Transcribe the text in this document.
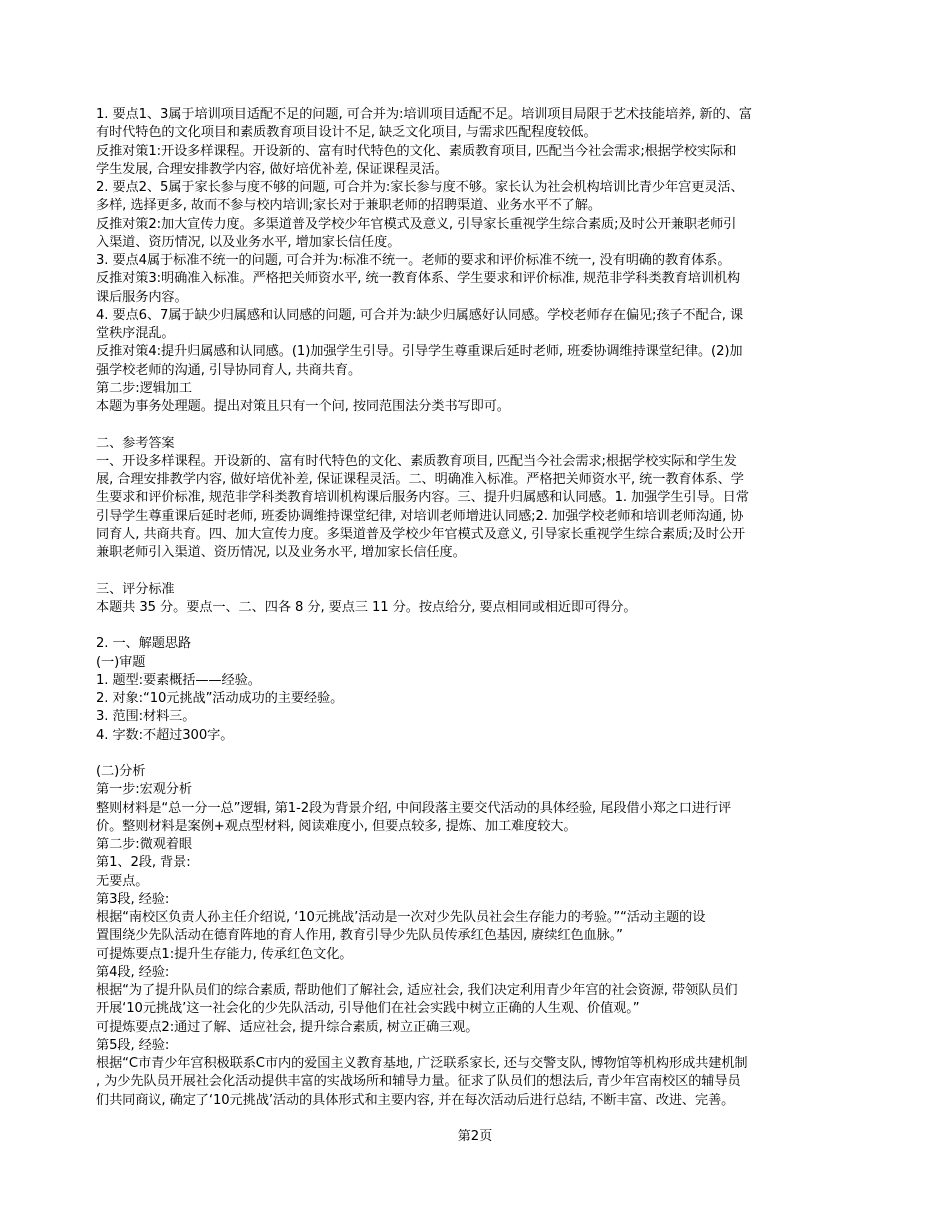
1. 要点1、3属于培训项目适配不足的问题, 可合并为:培训项目适配不足。培训项目局限于艺术技能培养, 新的、富
有时代特色的文化项目和素质教育项目设计不足, 缺乏文化项目, 与需求匹配程度较低。
反推对策1:开设多样课程。开设新的、富有时代特色的文化、素质教育项目, 匹配当今社会需求;根据学校实际和
学生发展, 合理安排教学内容, 做好培优补差, 保证课程灵活。
2. 要点2、5属于家长参与度不够的问题, 可合并为:家长参与度不够。家长认为社会机构培训比青少年宫更灵活、
多样, 选择更多, 故而不参与校内培训;家长对于兼职老师的招聘渠道、业务水平不了解。
反推对策2:加大宣传力度。多渠道普及学校少年官模式及意义, 引导家长重视学生综合素质;及时公开兼职老师引
入渠道、资历情况, 以及业务水平, 增加家长信任度。
3. 要点4属于标准不统一的问题, 可合并为:标准不统一。老师的要求和评价标准不统一, 没有明确的教育体系。
反推对策3:明确准入标准。严格把关师资水平, 统一教育体系、学生要求和评价标准, 规范非学科类教育培训机构
课后服务内容。
4. 要点6、7属于缺少归属感和认同感的问题, 可合并为:缺少归属感好认同感。学校老师存在偏见;孩子不配合, 课
堂秩序混乱。
反推对策4:提升归属感和认同感。(1)加强学生引导。引导学生尊重课后延时老师, 班委协调维持课堂纪律。(2)加
强学校老师的沟通, 引导协同育人, 共商共育。
第二步:逻辑加工
本题为事务处理题。提出对策且只有一个问, 按同范围法分类书写即可。
二、参考答案
一、开设多样课程。开设新的、富有时代特色的文化、素质教育项目, 匹配当今社会需求;根据学校实际和学生发
展, 合理安排教学内容, 做好培优补差, 保证课程灵活。二、明确准入标准。严格把关师资水平, 统一教育体系、学
生要求和评价标准, 规范非学科类教育培训机构课后服务内容。三、提升归属感和认同感。1. 加强学生引导。日常
引导学生尊重课后延时老师, 班委协调维持课堂纪律, 对培训老师增进认同感;2. 加强学校老师和培训老师沟通, 协
同育人, 共商共育。四、加大宣传力度。多渠道普及学校少年官模式及意义, 引导家长重视学生综合素质;及时公开
兼职老师引入渠道、资历情况, 以及业务水平, 增加家长信任度。
三、评分标准
本题共 35 分。要点一、二、四各 8 分, 要点三 11 分。按点给分, 要点相同或相近即可得分。
2. 一、解题思路
(一)审题
1. 题型:要素概括——经验。
2. 对象:“10元挑战”活动成功的主要经验。
3. 范围:材料三。
4. 字数:不超过300字。
(二)分析
第一步:宏观分析
整则材料是“总一分一总”逻辑, 第1-2段为背景介绍, 中间段落主要交代活动的具体经验, 尾段借小郑之口进行评
价。整则材料是案例+观点型材料, 阅读难度小, 但要点较多, 提炼、加工难度较大。
第二步:微观着眼
第1、2段, 背景:
无要点。
第3段, 经验:
根据“南校区负责人孙主任介绍说, ‘10元挑战’活动是一次对少先队员社会生存能力的考验。”“活动主题的设
置围绕少先队活动在德育阵地的育人作用, 教育引导少先队员传承红色基因, 赓续红色血脉。”
可提炼要点1:提升生存能力, 传承红色文化。
第4段, 经验:
根据“为了提升队员们的综合素质, 帮助他们了解社会, 适应社会, 我们决定利用青少年宫的社会资源, 带领队员们
开展‘10元挑战’这一社会化的少先队活动, 引导他们在社会实践中树立正确的人生观、价值观。”
可提炼要点2:通过了解、适应社会, 提升综合素质, 树立正确三观。
第5段, 经验:
根据“C市青少年宫积极联系C市内的爱国主义教育基地, 广泛联系家长, 还与交警支队, 博物馆等机构形成共建机制
, 为少先队员开展社会化活动提供丰富的实战场所和辅导力量。征求了队员们的想法后, 青少年宫南校区的辅导员
们共同商议, 确定了‘10元挑战’活动的具体形式和主要内容, 并在每次活动后进行总结, 不断丰富、改进、完善。
第2页
